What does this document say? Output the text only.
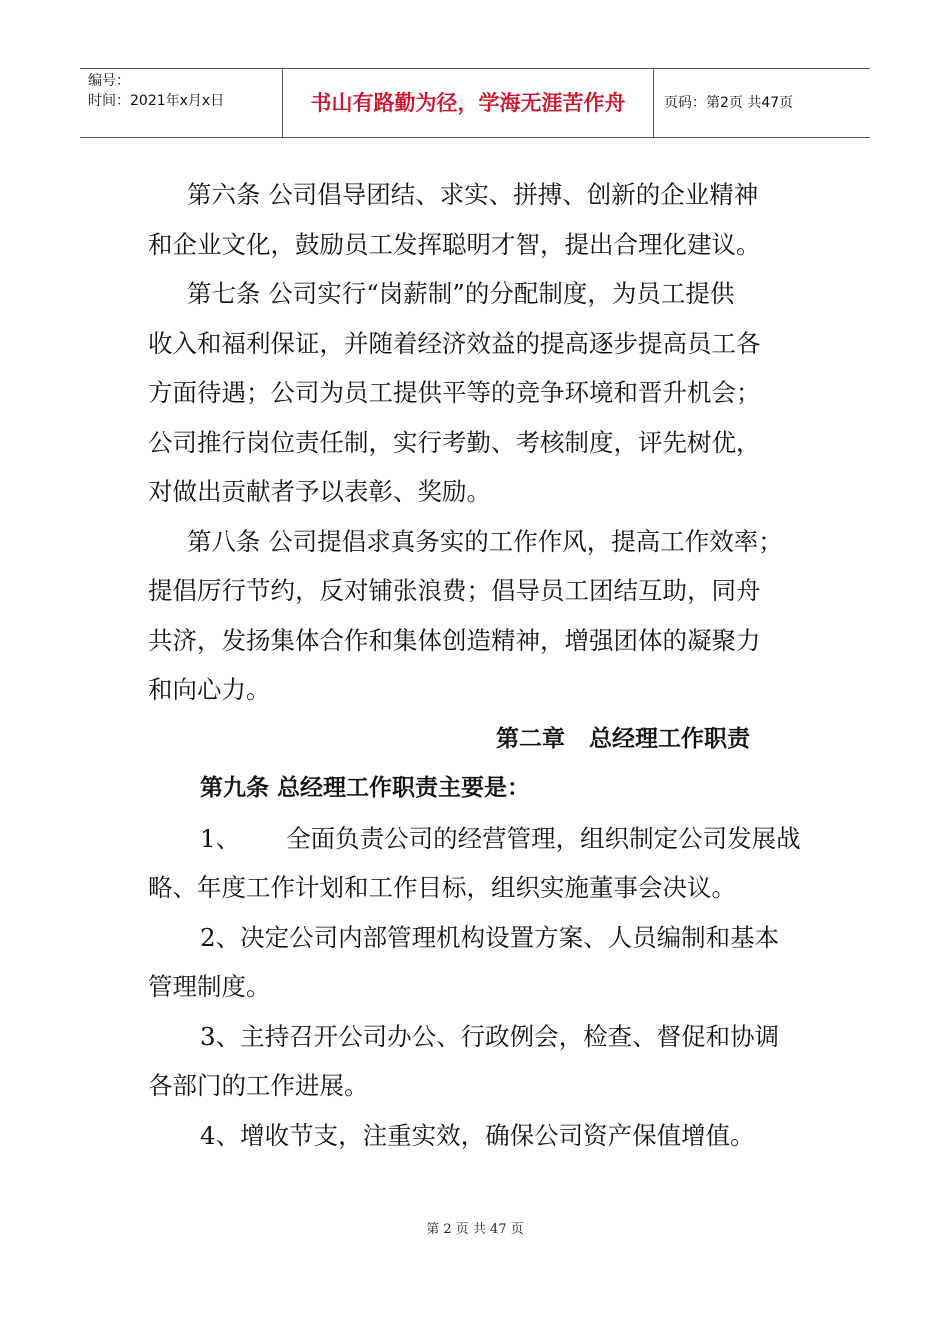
编号：
时间：2021年x月x日	书山有路勤为径，学海无涯苦作舟	页码：第2页 共47页

第六条 公司倡导团结、求实、拼搏、创新的企业精神

和企业文化，鼓励员工发挥聪明才智，提出合理化建议。

第七条 公司实行“岗薪制”的分配制度，为员工提供

收入和福利保证，并随着经济效益的提高逐步提高员工各

方面待遇；公司为员工提供平等的竞争环境和晋升机会；

公司推行岗位责任制，实行考勤、考核制度，评先树优，

对做出贡献者予以表彰、奖励。

第八条 公司提倡求真务实的工作作风，提高工作效率；

提倡厉行节约，反对铺张浪费；倡导员工团结互助，同舟

共济，发扬集体合作和集体创造精神，增强团体的凝聚力

和向心力。

第二章 总经理工作职责

第九条 总经理工作职责主要是：

1、 全面负责公司的经营管理，组织制定公司发展战

略、年度工作计划和工作目标，组织实施董事会决议。

2、决定公司内部管理机构设置方案、人员编制和基本

管理制度。

3、主持召开公司办公、行政例会，检查、督促和协调

各部门的工作进展。

4、增收节支，注重实效，确保公司资产保值增值。

第 2 页 共 47 页
